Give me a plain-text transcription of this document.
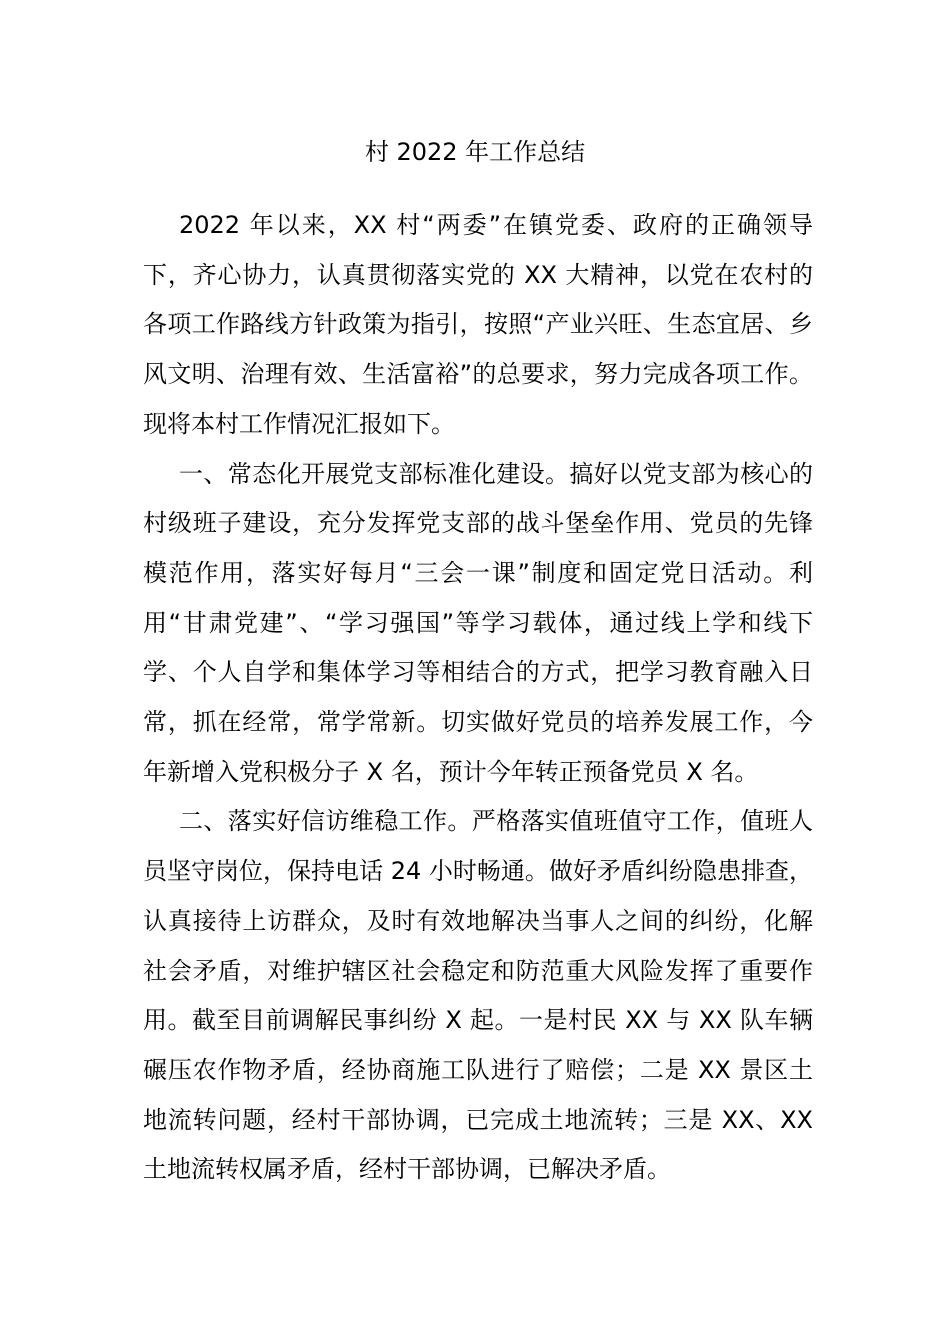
村 2022 年工作总结

2022 年以来，XX 村“两委”在镇党委、政府的正确领导下，齐心协力，认真贯彻落实党的 XX 大精神，以党在农村的各项工作路线方针政策为指引，按照“产业兴旺、生态宜居、乡风文明、治理有效、生活富裕”的总要求，努力完成各项工作。现将本村工作情况汇报如下。

一、常态化开展党支部标准化建设。搞好以党支部为核心的村级班子建设，充分发挥党支部的战斗堡垒作用、党员的先锋模范作用，落实好每月“三会一课”制度和固定党日活动。利用“甘肃党建”、“学习强国”等学习载体，通过线上学和线下学、个人自学和集体学习等相结合的方式，把学习教育融入日常，抓在经常，常学常新。切实做好党员的培养发展工作，今年新增入党积极分子 X 名，预计今年转正预备党员 X 名。

二、落实好信访维稳工作。严格落实值班值守工作，值班人员坚守岗位，保持电话 24 小时畅通。做好矛盾纠纷隐患排查，认真接待上访群众，及时有效地解决当事人之间的纠纷，化解社会矛盾，对维护辖区社会稳定和防范重大风险发挥了重要作用。截至目前调解民事纠纷 X 起。一是村民 XX 与 XX 队车辆碾压农作物矛盾，经协商施工队进行了赔偿；二是 XX 景区土地流转问题，经村干部协调，已完成土地流转；三是 XX、XX 土地流转权属矛盾，经村干部协调，已解决矛盾。
